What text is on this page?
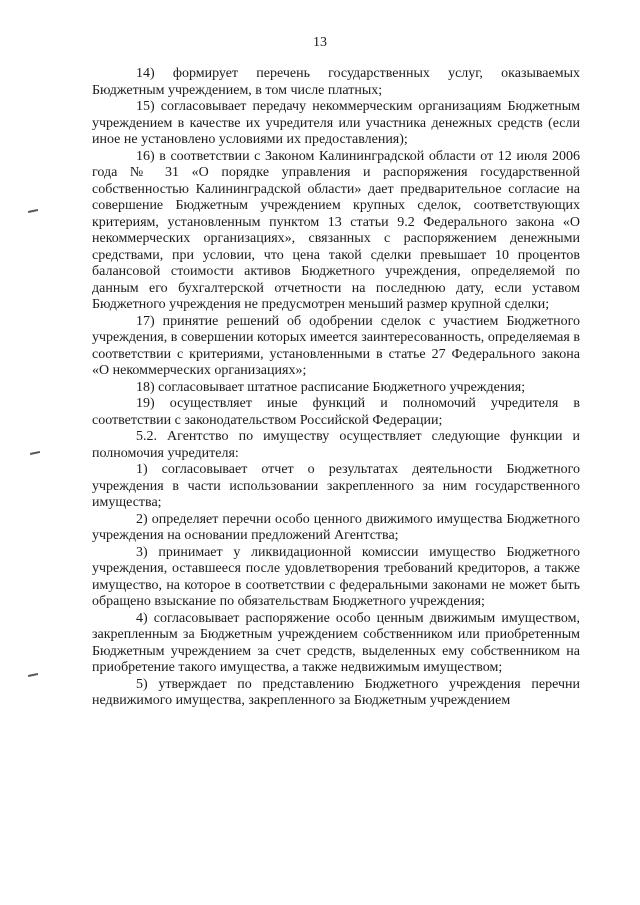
13

14) формирует перечень государственных услуг, оказываемых Бюджетным учреждением, в том числе платных;

15) согласовывает передачу некоммерческим организациям Бюджетным учреждением в качестве их учредителя или участника денежных средств (если иное не установлено условиями их предоставления);

16) в соответствии с Законом Калининградской области от 12 июля 2006 года № 31 «О порядке управления и распоряжения государственной собственностью Калининградской области» дает предварительное согласие на совершение Бюджетным учреждением крупных сделок, соответствующих критериям, установленным пунктом 13 статьи 9.2 Федерального закона «О некоммерческих организациях», связанных с распоряжением денежными средствами, при условии, что цена такой сделки превышает 10 процентов балансовой стоимости активов Бюджетного учреждения, определяемой по данным его бухгалтерской отчетности на последнюю дату, если уставом Бюджетного учреждения не предусмотрен меньший размер крупной сделки;

17) принятие решений об одобрении сделок с участием Бюджетного учреждения, в совершении которых имеется заинтересованность, определяемая в соответствии с критериями, установленными в статье 27 Федерального закона «О некоммерческих организациях»;

18) согласовывает штатное расписание Бюджетного учреждения;

19) осуществляет иные функций и полномочий учредителя в соответствии с законодательством Российской Федерации;

5.2. Агентство по имуществу осуществляет следующие функции и полномочия учредителя:

1) согласовывает отчет о результатах деятельности Бюджетного учреждения в части использовании закрепленного за ним государственного имущества;

2) определяет перечни особо ценного движимого имущества Бюджетного учреждения на основании предложений Агентства;

3) принимает у ликвидационной комиссии имущество Бюджетного учреждения, оставшееся после удовлетворения требований кредиторов, а также имущество, на которое в соответствии с федеральными законами не может быть обращено взыскание по обязательствам Бюджетного учреждения;

4) согласовывает распоряжение особо ценным движимым имуществом, закрепленным за Бюджетным учреждением собственником или приобретенным Бюджетным учреждением за счет средств, выделенных ему собственником на приобретение такого имущества, а также недвижимым имуществом;

5) утверждает по представлению Бюджетного учреждения перечни недвижимого имущества, закрепленного за Бюджетным учреждением
